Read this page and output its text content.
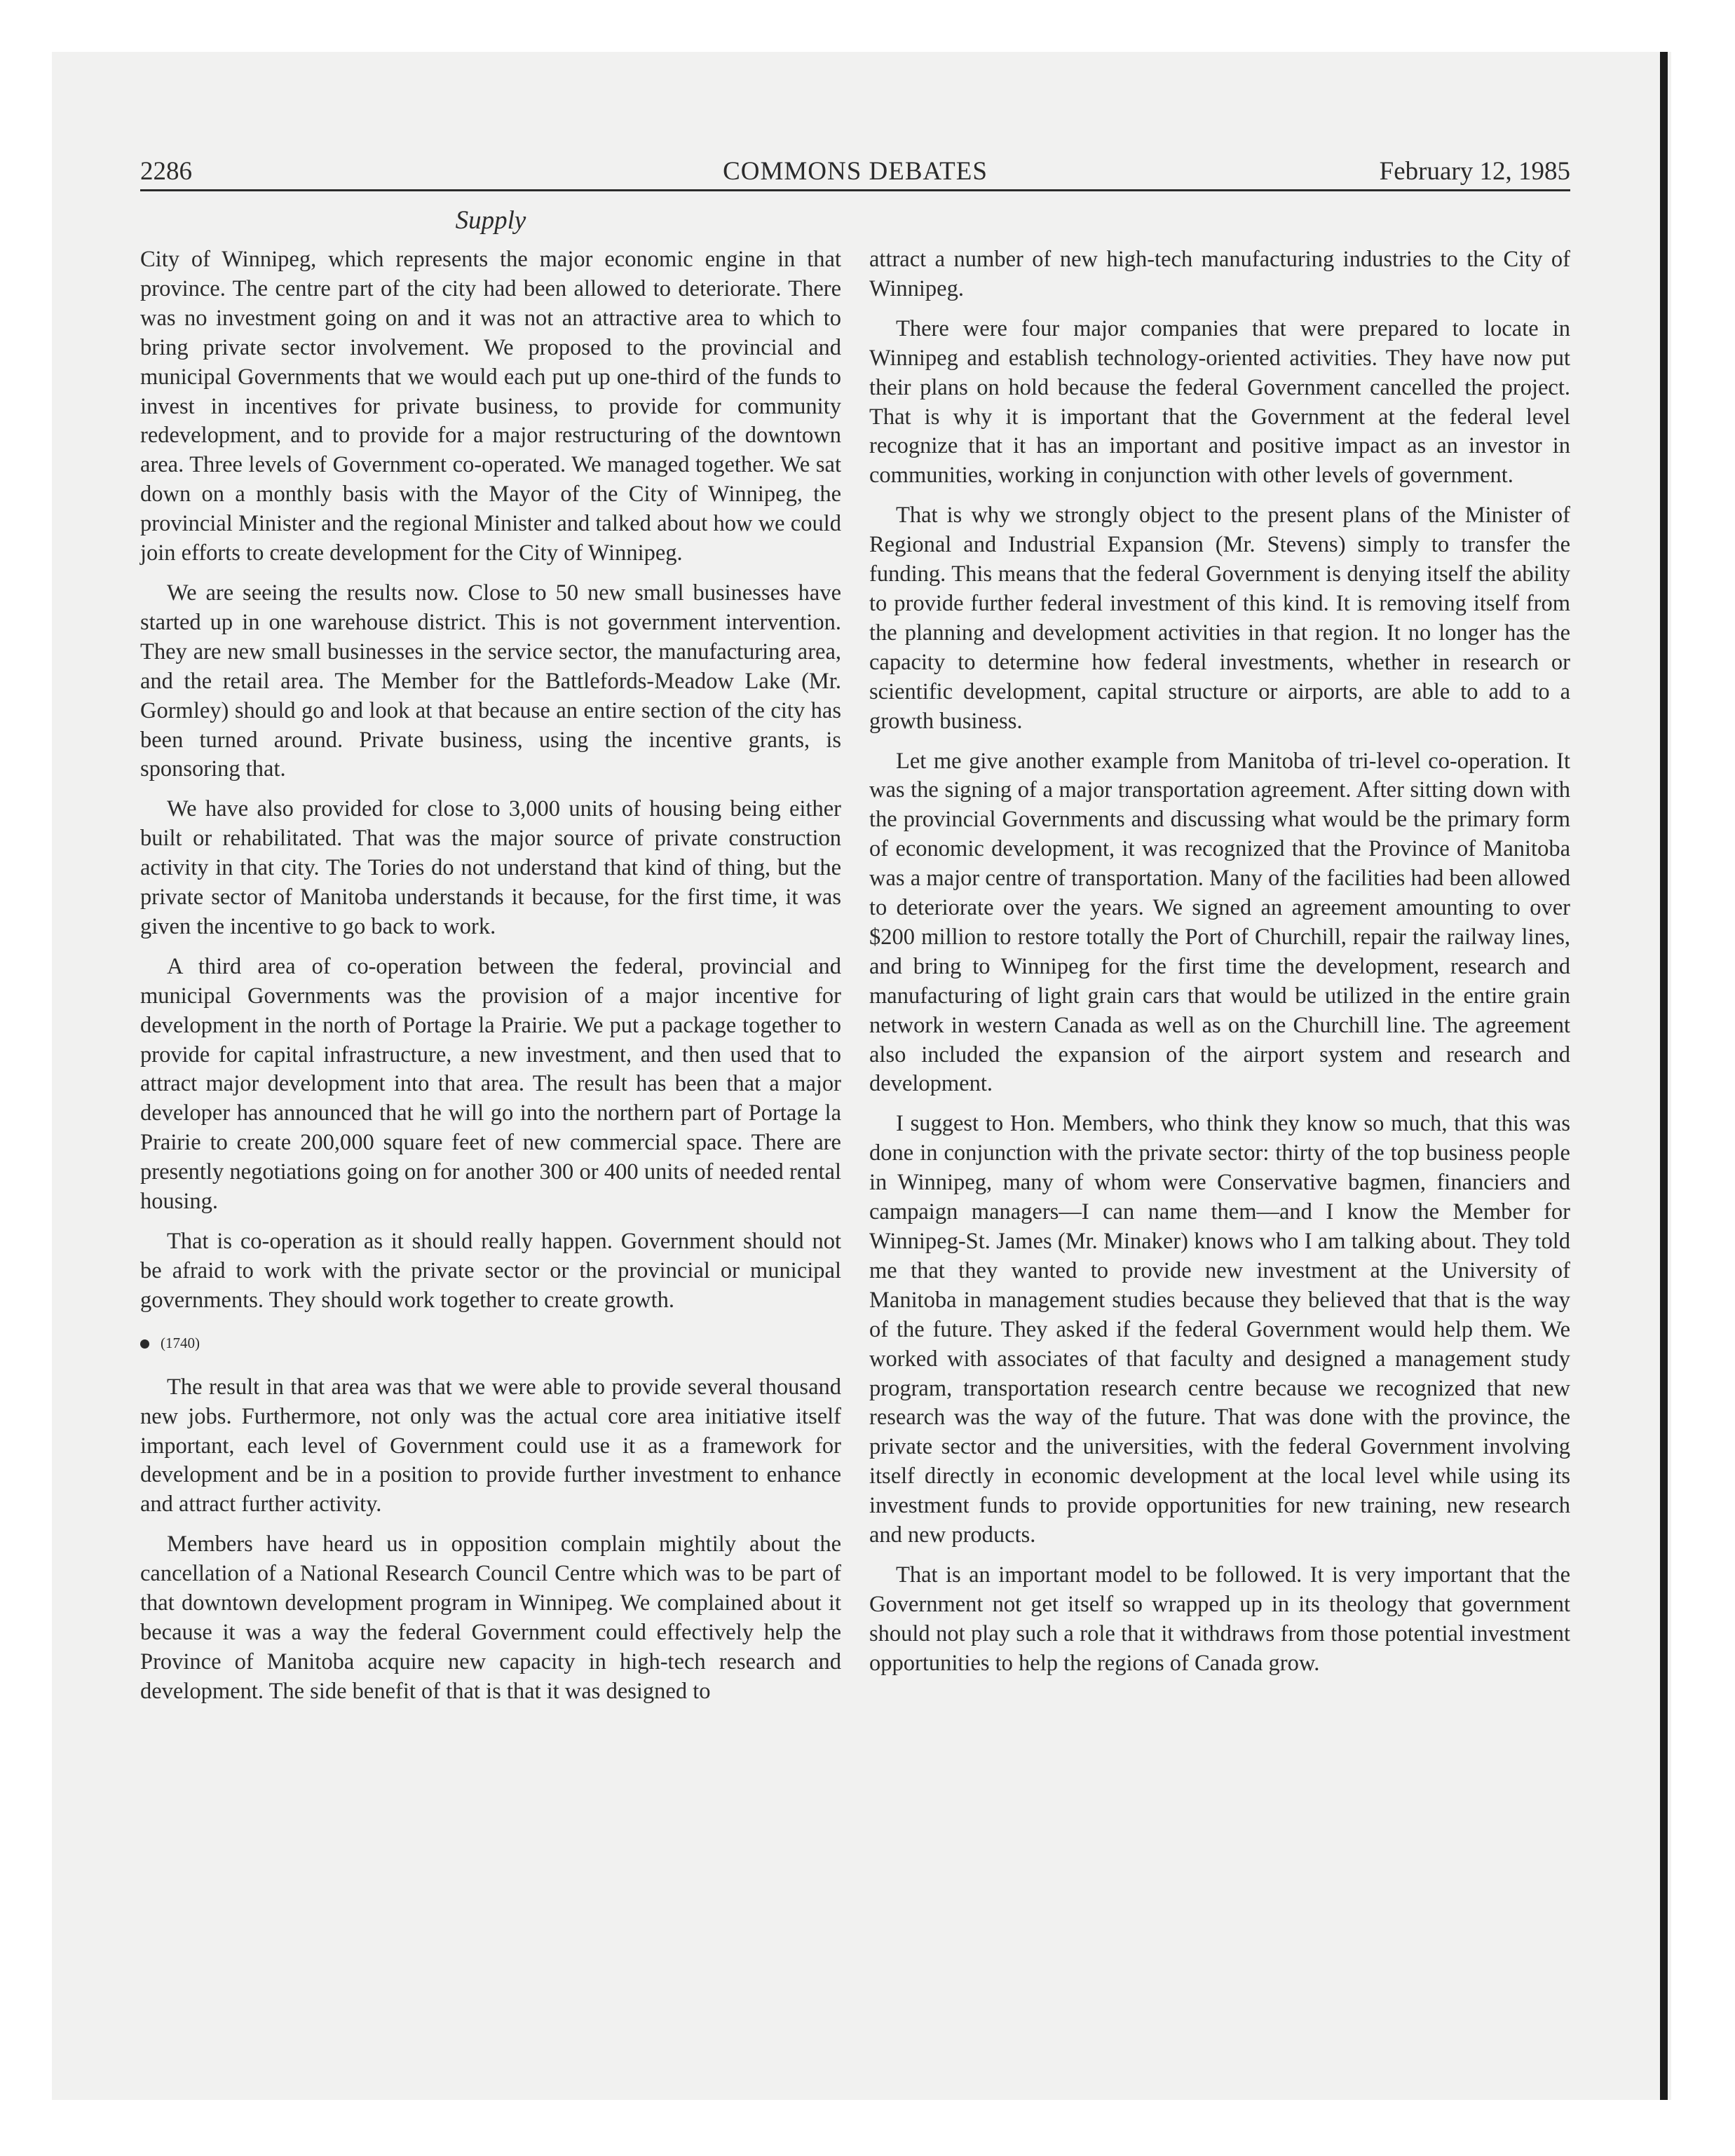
2286	COMMONS DEBATES	February 12, 1985
Supply

City of Winnipeg, which represents the major economic engine in that province. The centre part of the city had been allowed to deteriorate. There was no investment going on and it was not an attractive area to which to bring private sector involvement. We proposed to the provincial and municipal Governments that we would each put up one-third of the funds to invest in incentives for private business, to provide for community redevelopment, and to provide for a major restructuring of the downtown area. Three levels of Government co-operated. We managed together. We sat down on a monthly basis with the Mayor of the City of Winnipeg, the provincial Minister and the regional Minister and talked about how we could join efforts to create development for the City of Winnipeg.

We are seeing the results now. Close to 50 new small businesses have started up in one warehouse district. This is not government intervention. They are new small businesses in the service sector, the manufacturing area, and the retail area. The Member for the Battlefords-Meadow Lake (Mr. Gormley) should go and look at that because an entire section of the city has been turned around. Private business, using the incentive grants, is sponsoring that.

We have also provided for close to 3,000 units of housing being either built or rehabilitated. That was the major source of private construction activity in that city. The Tories do not understand that kind of thing, but the private sector of Manitoba understands it because, for the first time, it was given the incentive to go back to work.

A third area of co-operation between the federal, provincial and municipal Governments was the provision of a major incentive for development in the north of Portage la Prairie. We put a package together to provide for capital infrastructure, a new investment, and then used that to attract major development into that area. The result has been that a major developer has announced that he will go into the northern part of Portage la Prairie to create 200,000 square feet of new commercial space. There are presently negotiations going on for another 300 or 400 units of needed rental housing.

That is co-operation as it should really happen. Government should not be afraid to work with the private sector or the provincial or municipal governments. They should work together to create growth.

(1740)

The result in that area was that we were able to provide several thousand new jobs. Furthermore, not only was the actual core area initiative itself important, each level of Government could use it as a framework for development and be in a position to provide further investment to enhance and attract further activity.

Members have heard us in opposition complain mightily about the cancellation of a National Research Council Centre which was to be part of that downtown development program in Winnipeg. We complained about it because it was a way the federal Government could effectively help the Province of Manitoba acquire new capacity in high-tech research and development. The side benefit of that is that it was designed to

attract a number of new high-tech manufacturing industries to the City of Winnipeg.

There were four major companies that were prepared to locate in Winnipeg and establish technology-oriented activities. They have now put their plans on hold because the federal Government cancelled the project. That is why it is important that the Government at the federal level recognize that it has an important and positive impact as an investor in communities, working in conjunction with other levels of government.

That is why we strongly object to the present plans of the Minister of Regional and Industrial Expansion (Mr. Stevens) simply to transfer the funding. This means that the federal Government is denying itself the ability to provide further federal investment of this kind. It is removing itself from the planning and development activities in that region. It no longer has the capacity to determine how federal investments, whether in research or scientific development, capital structure or airports, are able to add to a growth business.

Let me give another example from Manitoba of tri-level co-operation. It was the signing of a major transportation agreement. After sitting down with the provincial Governments and discussing what would be the primary form of economic development, it was recognized that the Province of Manitoba was a major centre of transportation. Many of the facilities had been allowed to deteriorate over the years. We signed an agreement amounting to over $200 million to restore totally the Port of Churchill, repair the railway lines, and bring to Winnipeg for the first time the development, research and manufacturing of light grain cars that would be utilized in the entire grain network in western Canada as well as on the Churchill line. The agreement also included the expansion of the airport system and research and development.

I suggest to Hon. Members, who think they know so much, that this was done in conjunction with the private sector: thirty of the top business people in Winnipeg, many of whom were Conservative bagmen, financiers and campaign managers—I can name them—and I know the Member for Winnipeg-St. James (Mr. Minaker) knows who I am talking about. They told me that they wanted to provide new investment at the University of Manitoba in management studies because they believed that that is the way of the future. They asked if the federal Government would help them. We worked with associates of that faculty and designed a management study program, transportation research centre because we recognized that new research was the way of the future. That was done with the province, the private sector and the universities, with the federal Government involving itself directly in economic development at the local level while using its investment funds to provide opportunities for new training, new research and new products.

That is an important model to be followed. It is very important that the Government not get itself so wrapped up in its theology that government should not play such a role that it withdraws from those potential investment opportunities to help the regions of Canada grow.
